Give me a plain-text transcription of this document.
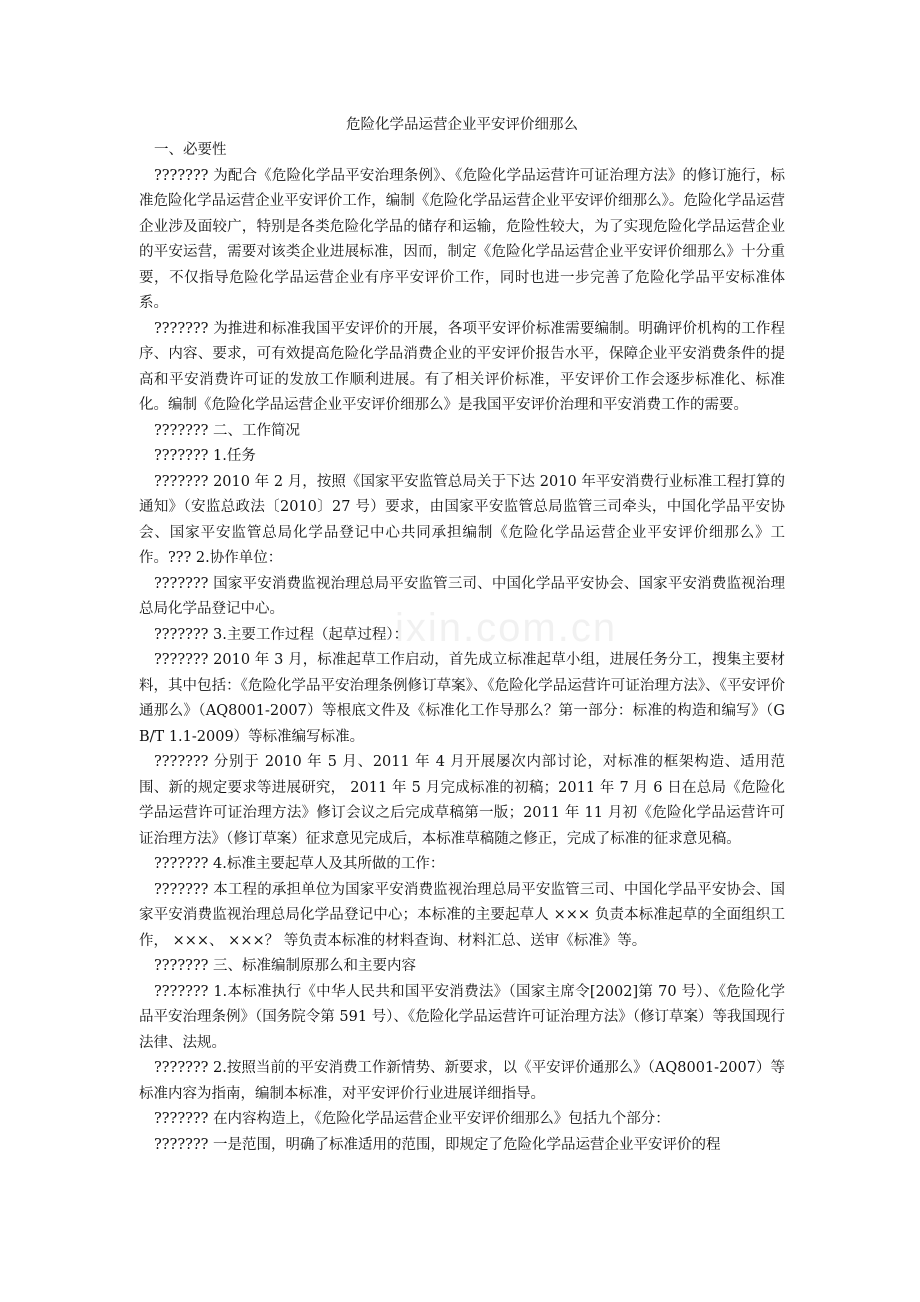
危险化学品运营企业平安评价细那么

一、必要性

??????? 为配合《危险化学品平安治理条例》、《危险化学品运营许可证治理方法》的修订施行，标准危险化学品运营企业平安评价工作，编制《危险化学品运营企业平安评价细那么》。危险化学品运营企业涉及面较广，特别是各类危险化学品的储存和运输，危险性较大，为了实现危险化学品运营企业的平安运营，需要对该类企业进展标准，因而，制定《危险化学品运营企业平安评价细那么》十分重要，不仅指导危险化学品运营企业有序平安评价工作，同时也进一步完善了危险化学品平安标准体系。

??????? 为推进和标准我国平安评价的开展，各项平安评价标准需要编制。明确评价机构的工作程序、内容、要求，可有效提高危险化学品消费企业的平安评价报告水平，保障企业平安消费条件的提高和平安消费许可证的发放工作顺利进展。有了相关评价标准，平安评价工作会逐步标准化、标准化。编制《危险化学品运营企业平安评价细那么》是我国平安评价治理和平安消费工作的需要。

??????? 二、工作简况

??????? 1.任务

??????? 2010 年 2 月，按照《国家平安监管总局关于下达 2010 年平安消费行业标准工程打算的通知》（安监总政法〔2010〕27 号）要求，由国家平安监管总局监管三司牵头，中国化学品平安协会、国家平安监管总局化学品登记中心共同承担编制《危险化学品运营企业平安评价细那么》工作。??? 2.协作单位：

??????? 国家平安消费监视治理总局平安监管三司、中国化学品平安协会、国家平安消费监视治理总局化学品登记中心。

??????? 3.主要工作过程（起草过程）：

??????? 2010 年 3 月，标准起草工作启动，首先成立标准起草小组，进展任务分工，搜集主要材料，其中包括：《危险化学品平安治理条例修订草案》、《危险化学品运营许可证治理方法》、《平安评价通那么》（AQ8001-2007）等根底文件及《标准化工作导那么？第一部分：标准的构造和编写》（GB/T 1.1-2009）等标准编写标准。

??????? 分别于 2010 年 5 月、2011 年 4 月开展屡次内部讨论，对标准的框架构造、适用范围、新的规定要求等进展研究， 2011 年 5 月完成标准的初稿；2011 年 7 月 6 日在总局《危险化学品运营许可证治理方法》修订会议之后完成草稿第一版；2011 年 11 月初《危险化学品运营许可证治理方法》（修订草案）征求意见完成后，本标准草稿随之修正，完成了标准的征求意见稿。

??????? 4.标准主要起草人及其所做的工作：

??????? 本工程的承担单位为国家平安消费监视治理总局平安监管三司、中国化学品平安协会、国家平安消费监视治理总局化学品登记中心；本标准的主要起草人 ××× 负责本标准起草的全面组织工作， ×××、 ×××？ 等负责本标准的材料查询、材料汇总、送审《标准》等。

??????? 三、标准编制原那么和主要内容

??????? 1.本标准执行《中华人民共和国平安消费法》（国家主席令[2002]第 70 号）、《危险化学品平安治理条例》（国务院令第 591 号）、《危险化学品运营许可证治理方法》（修订草案）等我国现行法律、法规。

??????? 2.按照当前的平安消费工作新情势、新要求，以《平安评价通那么》（AQ8001-2007）等标准内容为指南，编制本标准，对平安评价行业进展详细指导。

??????? 在内容构造上，《危险化学品运营企业平安评价细那么》包括九个部分：

??????? 一是范围，明确了标准适用的范围，即规定了危险化学品运营企业平安评价的程

ixin.com.cn
